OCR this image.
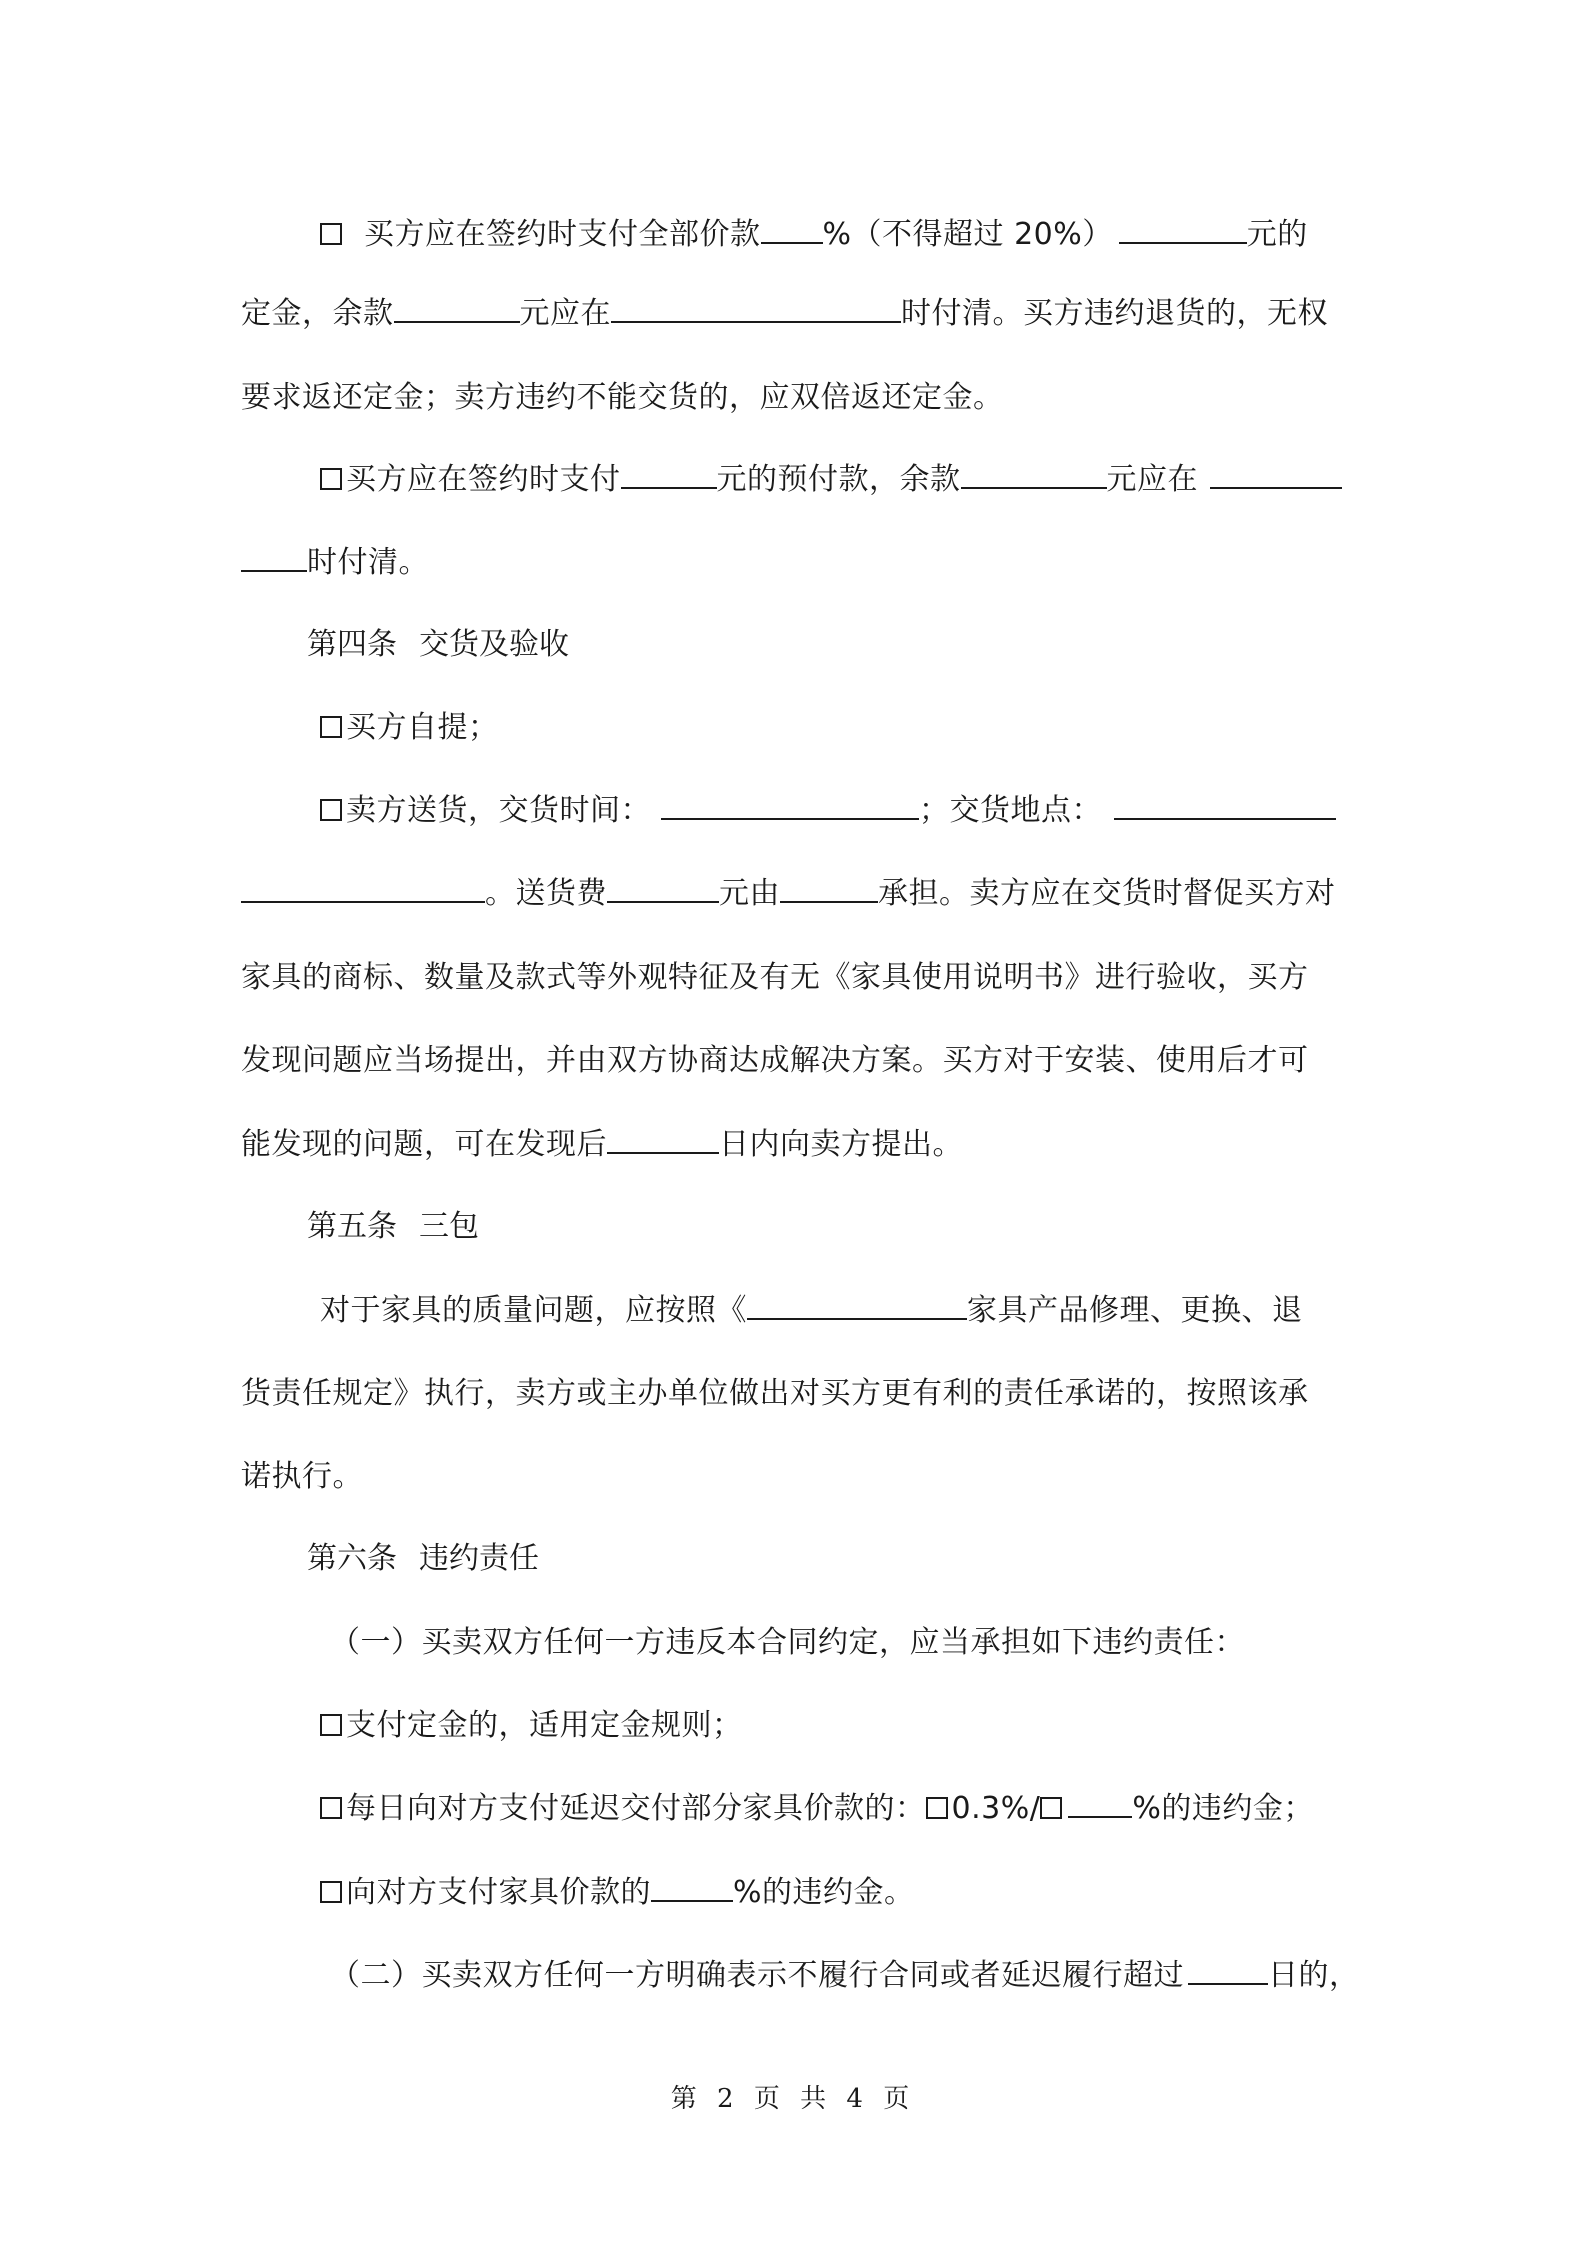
买方应在签约时支付全部价款 %（不得超过 20%）	元的
定金，余款	元应在	时付清。买方违约退货的，无权
要求返还定金；卖方违约不能交货的，应双倍返还定金。
买方应在签约时支付	元的预付款，余款	元应在
时付清。
第四条 交货及验收
买方自提；
卖方送货，交货时间：	；交货地点：
。送货费	元由	承担。卖方应在交货时督促买方对
家具的商标、数量及款式等外观特征及有无《家具使用说明书》进行验收，买方
发现问题应当场提出，并由双方协商达成解决方案。买方对于安装、使用后才可
能发现的问题，可在发现后	日内向卖方提出。
第五条 三包
对于家具的质量问题，应按照《	家具产品修理、更换、退
货责任规定》执行，卖方或主办单位做出对买方更有利的责任承诺的，按照该承
诺执行。
第六条 违约责任
（一）买卖双方任何一方违反本合同约定，应当承担如下违约责任：
支付定金的，适用定金规则；
每日向对方支付延迟交付部分家具价款的： 0.3%/	%的违约金；
向对方支付家具价款的	%的违约金。
（二）买卖双方任何一方明确表示不履行合同或者延迟履行超过	日的，
第 2 页 共 4 页
